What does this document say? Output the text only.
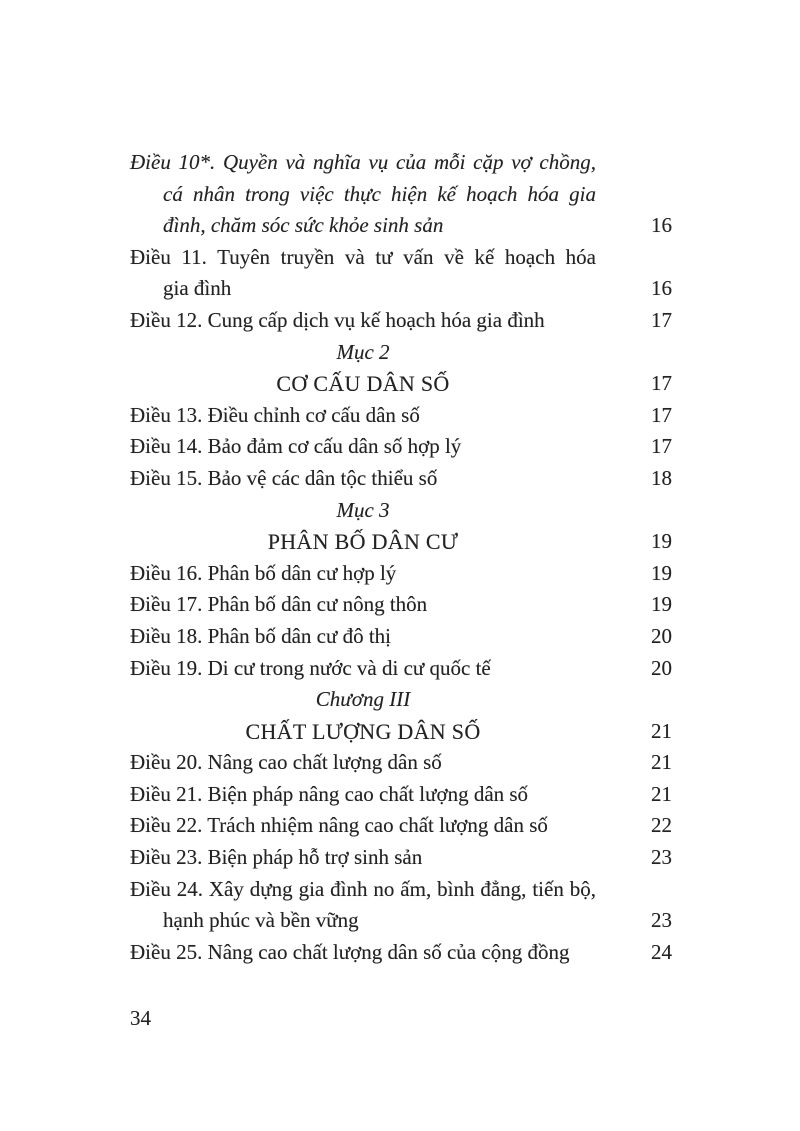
Điều 10*. Quyền và nghĩa vụ của mỗi cặp vợ chồng,
cá nhân trong việc thực hiện kế hoạch hóa gia
đình, chăm sóc sức khỏe sinh sản	16
Điều 11. Tuyên truyền và tư vấn về kế hoạch hóa
gia đình	16
Điều 12. Cung cấp dịch vụ kế hoạch hóa gia đình	17
Mục 2
CƠ CẤU DÂN SỐ	17
Điều 13. Điều chỉnh cơ cấu dân số	17
Điều 14. Bảo đảm cơ cấu dân số hợp lý	17
Điều 15. Bảo vệ các dân tộc thiểu số	18
Mục 3
PHÂN BỐ DÂN CƯ	19
Điều 16. Phân bố dân cư hợp lý	19
Điều 17. Phân bố dân cư nông thôn	19
Điều 18. Phân bố dân cư đô thị	20
Điều 19. Di cư trong nước và di cư quốc tế	20
Chương III
CHẤT LƯỢNG DÂN SỐ	21
Điều 20. Nâng cao chất lượng dân số	21
Điều 21. Biện pháp nâng cao chất lượng dân số	21
Điều 22. Trách nhiệm nâng cao chất lượng dân số	22
Điều 23. Biện pháp hỗ trợ sinh sản	23
Điều 24. Xây dựng gia đình no ấm, bình đẳng, tiến bộ,
hạnh phúc và bền vững	23
Điều 25. Nâng cao chất lượng dân số của cộng đồng	24
34
